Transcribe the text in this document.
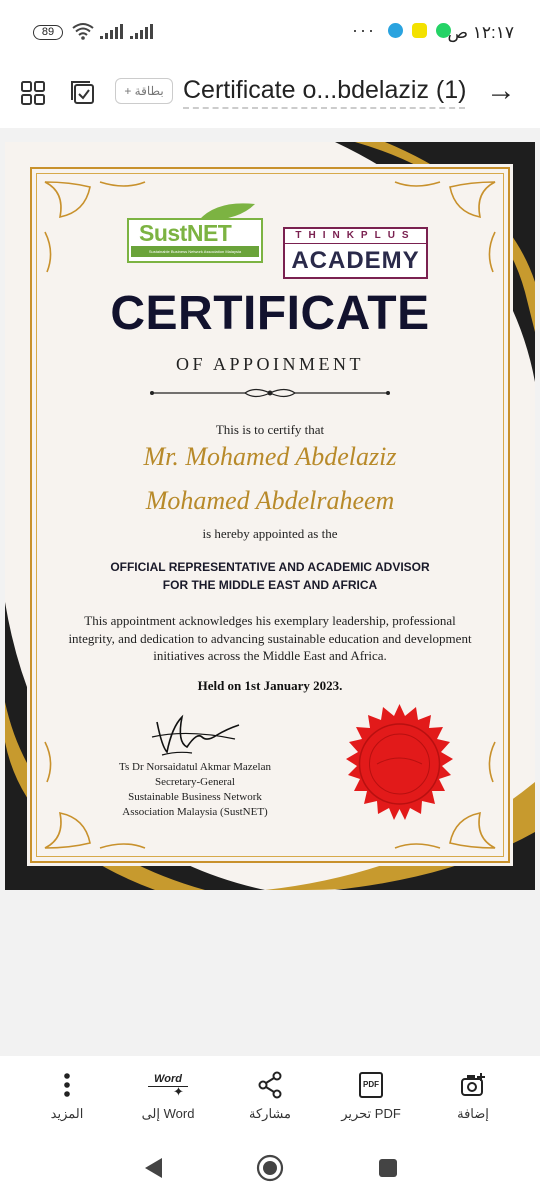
89	···	١٢:١٧ ص
+ بطاقة Certificate o...bdelaziz (1) →
SustNET
Sustainable Business Network Association Malaysia
THINKPLUS
ACADEMY
CERTIFICATE
OF APPOINMENT
This is to certify that
Mr. Mohamed Abdelaziz
Mohamed Abdelraheem
is hereby appointed as the
OFFICIAL REPRESENTATIVE AND ACADEMIC ADVISOR
FOR THE MIDDLE EAST AND AFRICA
This appointment acknowledges his exemplary leadership, professional integrity, and dedication to advancing sustainable education and development initiatives across the Middle East and Africa.
Held on 1st January 2023.
Ts Dr Norsaidatul Akmar Mazelan
Secretary-General
Sustainable Business Network
Association Malaysia (SustNET)
المزيد
Word
✦
إلى Word	مشاركة
PDF
تحرير PDF	إضافة
